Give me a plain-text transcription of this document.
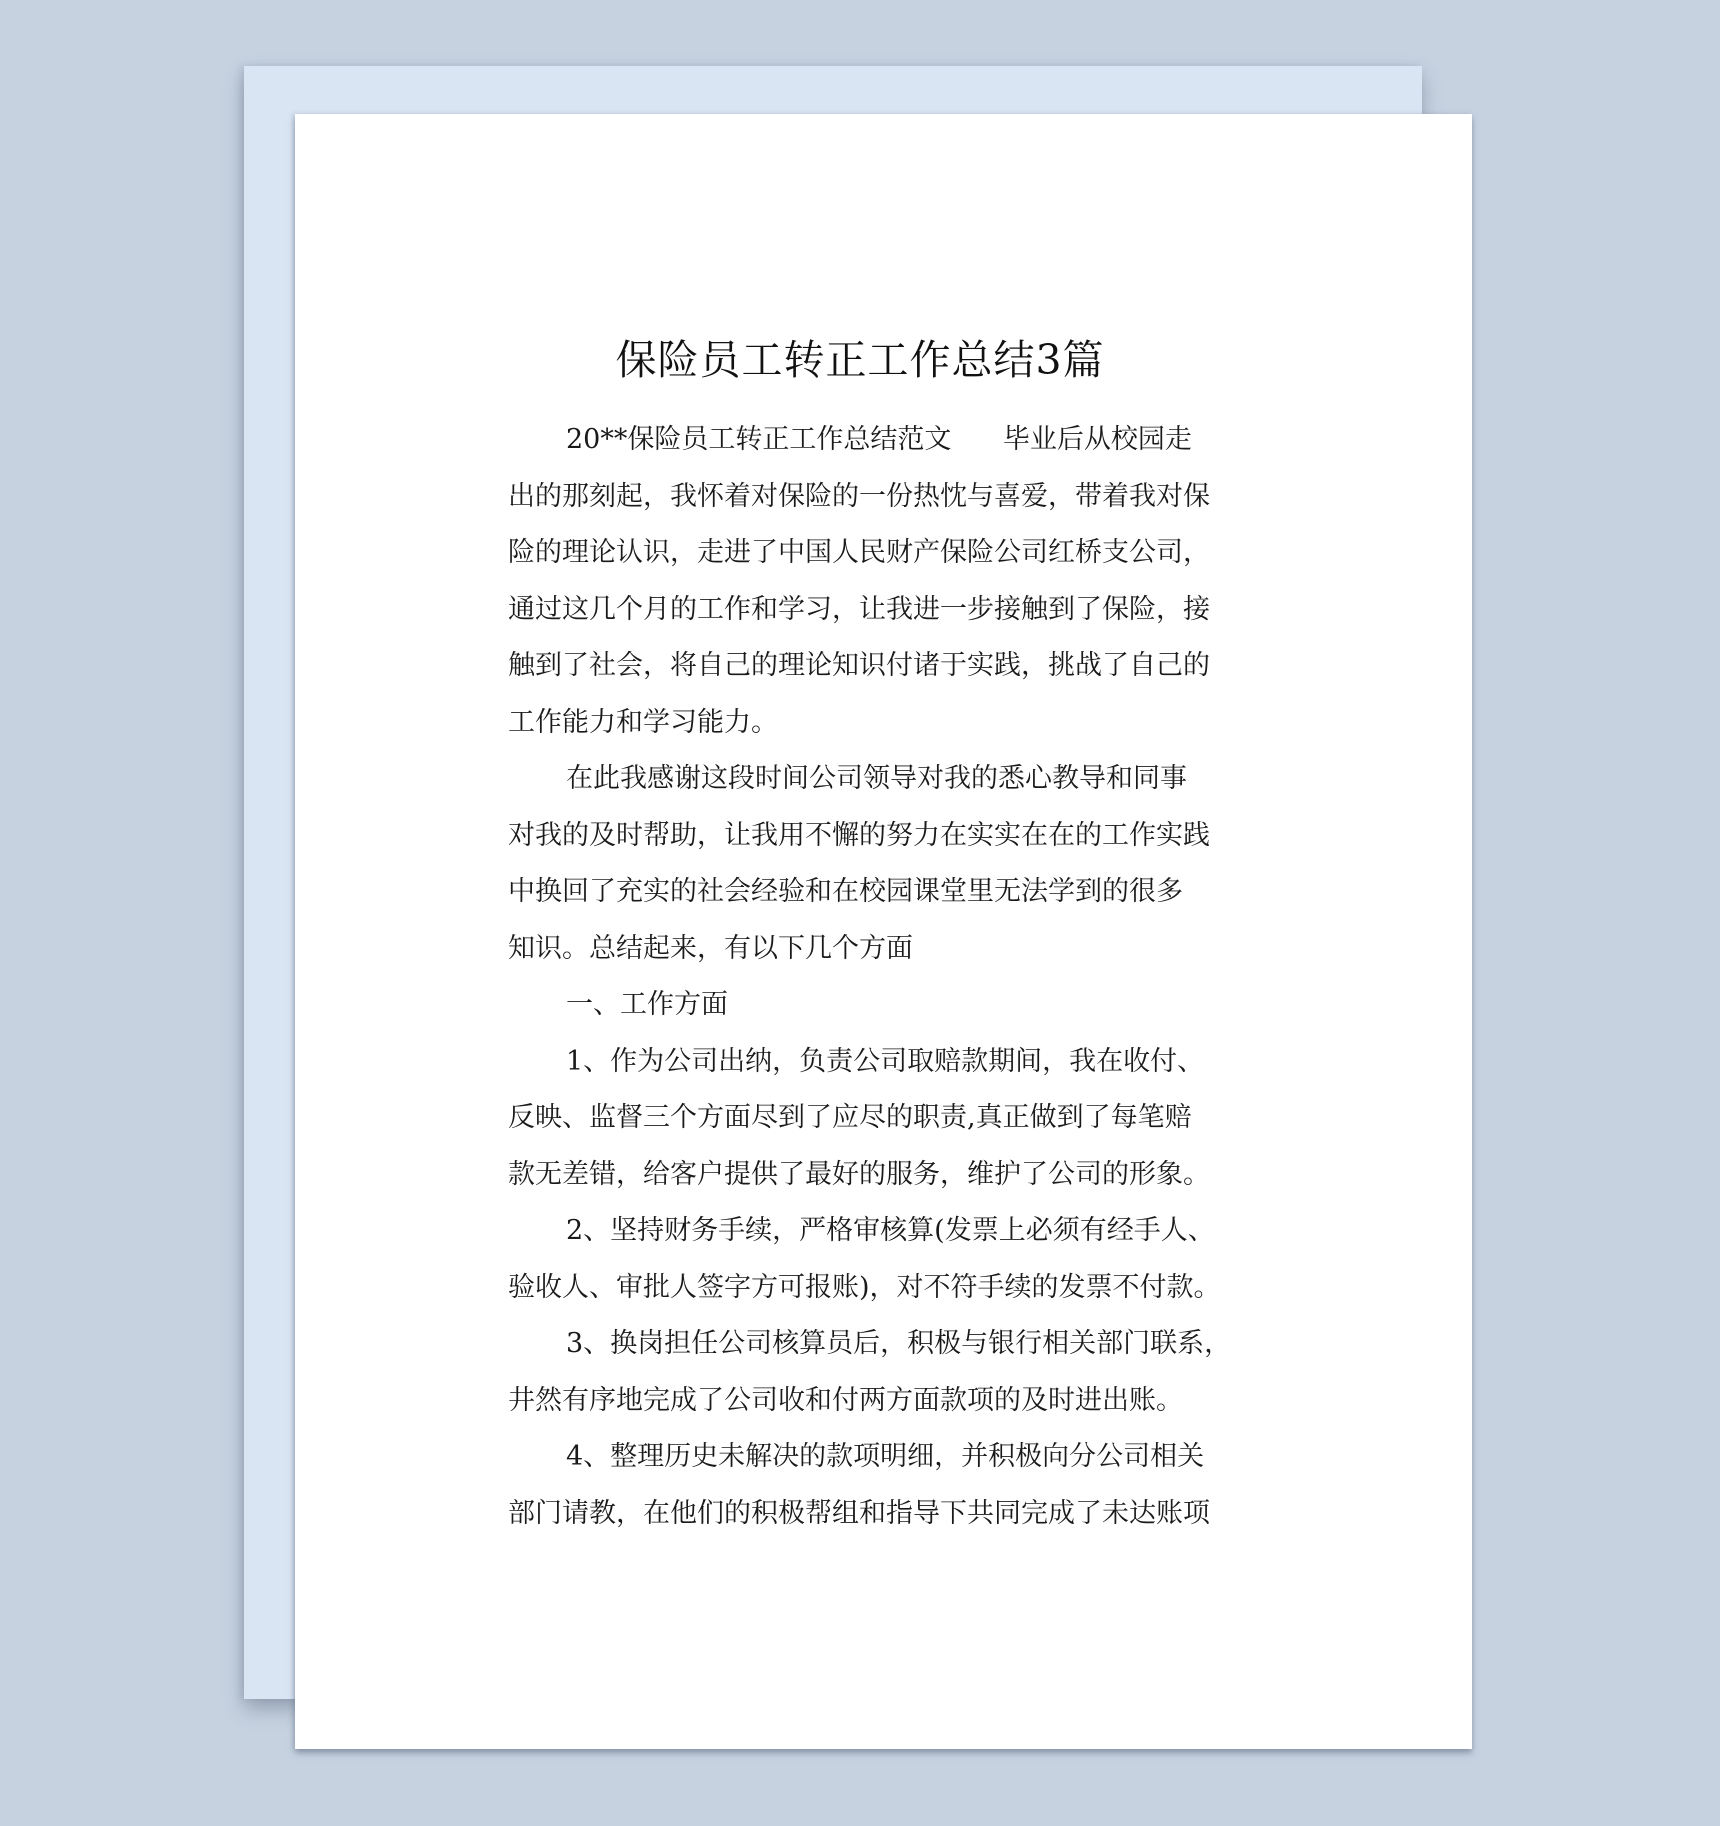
保险员工转正工作总结3篇
20**保险员工转正工作总结范文      毕业后从校园走
出的那刻起，我怀着对保险的一份热忱与喜爱，带着我对保
险的理论认识，走进了中国人民财产保险公司红桥支公司，
通过这几个月的工作和学习，让我进一步接触到了保险，接
触到了社会，将自己的理论知识付诸于实践，挑战了自己的
工作能力和学习能力。
在此我感谢这段时间公司领导对我的悉心教导和同事
对我的及时帮助，让我用不懈的努力在实实在在的工作实践
中换回了充实的社会经验和在校园课堂里无法学到的很多
知识。总结起来，有以下几个方面
一、工作方面
1、作为公司出纳，负责公司取赔款期间，我在收付、
反映、监督三个方面尽到了应尽的职责,真正做到了每笔赔
款无差错，给客户提供了最好的服务，维护了公司的形象。
2、坚持财务手续，严格审核算(发票上必须有经手人、
验收人、审批人签字方可报账)，对不符手续的发票不付款。
3、换岗担任公司核算员后，积极与银行相关部门联系，
井然有序地完成了公司收和付两方面款项的及时进出账。
4、整理历史未解决的款项明细，并积极向分公司相关
部门请教，在他们的积极帮组和指导下共同完成了未达账项
